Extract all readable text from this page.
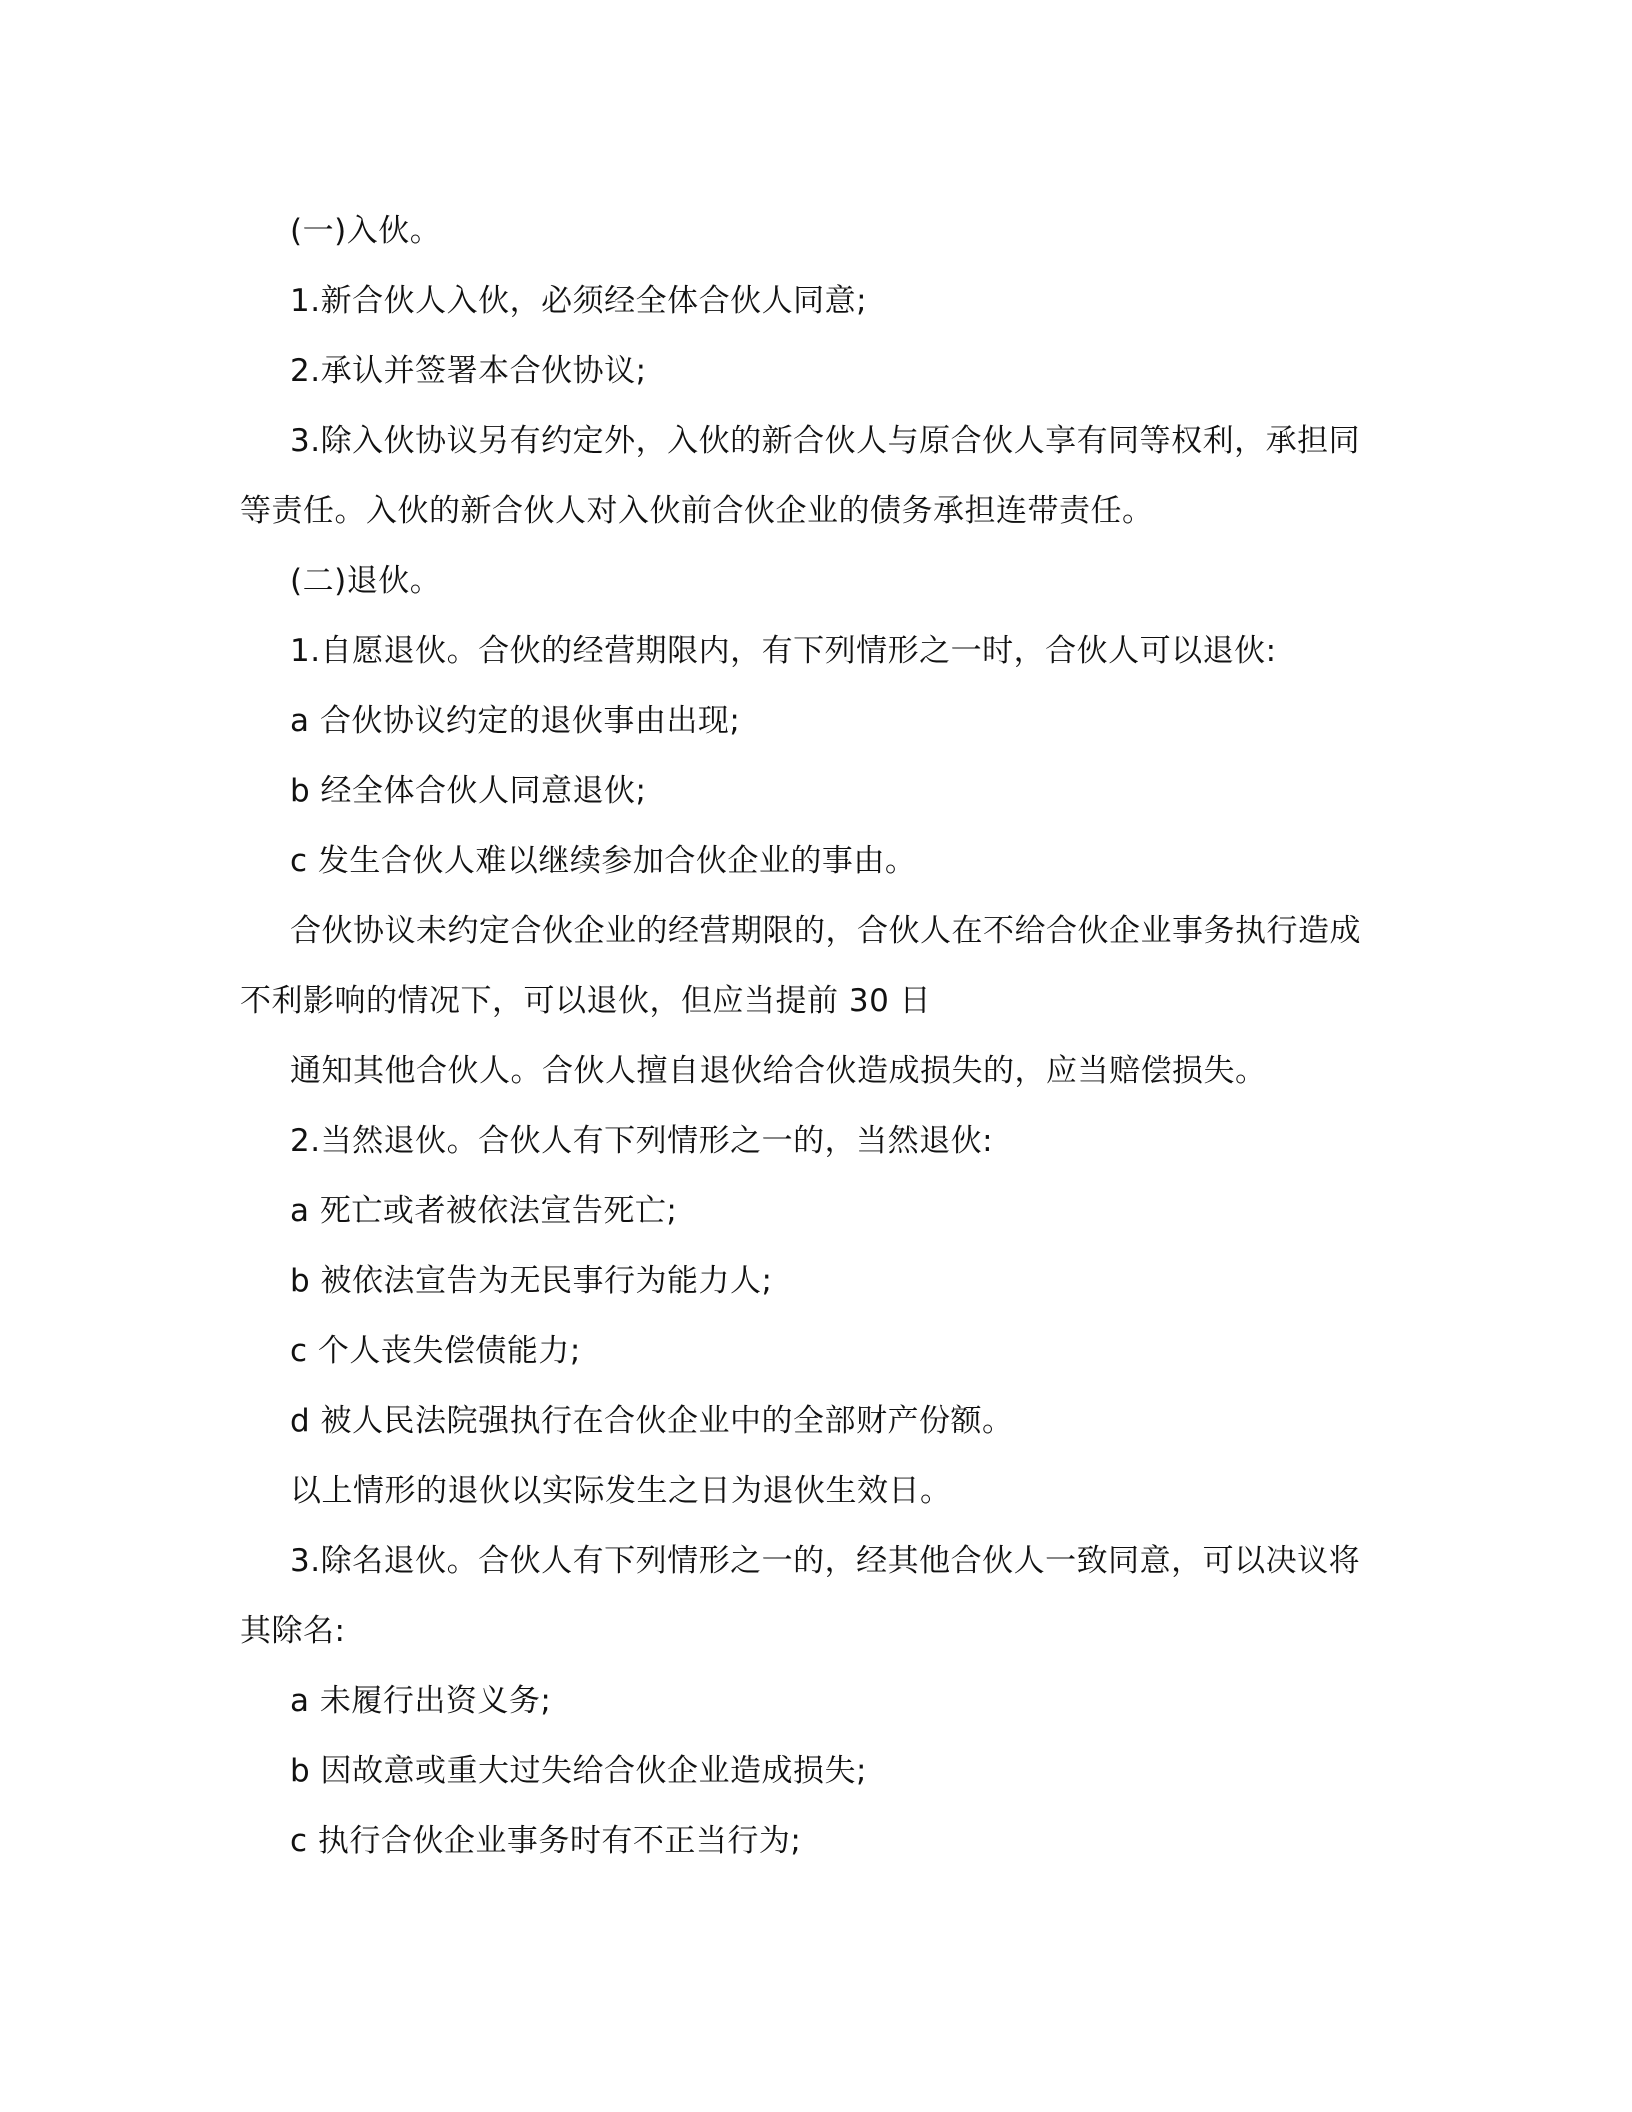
(一)入伙。

1.新合伙人入伙，必须经全体合伙人同意;

2.承认并签署本合伙协议;

3.除入伙协议另有约定外，入伙的新合伙人与原合伙人享有同等权利，承担同等责任。入伙的新合伙人对入伙前合伙企业的债务承担连带责任。

(二)退伙。

1.自愿退伙。合伙的经营期限内，有下列情形之一时，合伙人可以退伙:

a 合伙协议约定的退伙事由出现;

b 经全体合伙人同意退伙;

c 发生合伙人难以继续参加合伙企业的事由。

合伙协议未约定合伙企业的经营期限的，合伙人在不给合伙企业事务执行造成不利影响的情况下，可以退伙，但应当提前 30 日

通知其他合伙人。合伙人擅自退伙给合伙造成损失的，应当赔偿损失。

2.当然退伙。合伙人有下列情形之一的，当然退伙:

a 死亡或者被依法宣告死亡;

b 被依法宣告为无民事行为能力人;

c 个人丧失偿债能力;

d 被人民法院强执行在合伙企业中的全部财产份额。

以上情形的退伙以实际发生之日为退伙生效日。

3.除名退伙。合伙人有下列情形之一的，经其他合伙人一致同意，可以决议将其除名:

a 未履行出资义务;

b 因故意或重大过失给合伙企业造成损失;

c 执行合伙企业事务时有不正当行为;
